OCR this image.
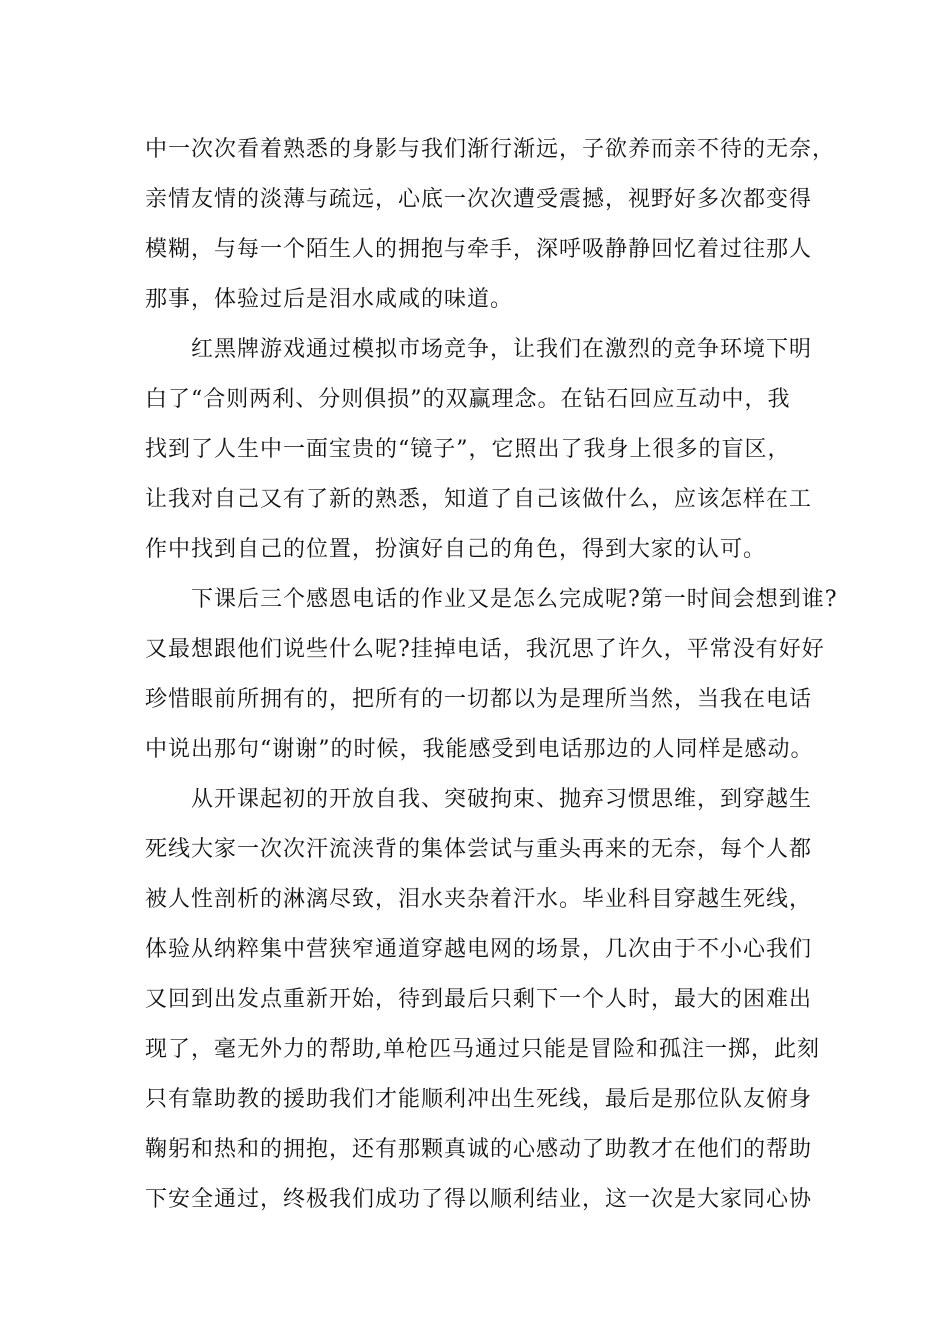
中一次次看着熟悉的身影与我们渐行渐远，子欲养而亲不待的无奈，
亲情友情的淡薄与疏远，心底一次次遭受震撼，视野好多次都变得
模糊，与每一个陌生人的拥抱与牵手，深呼吸静静回忆着过往那人
那事，体验过后是泪水咸咸的味道。
红黑牌游戏通过模拟市场竞争，让我们在激烈的竞争环境下明
白了“合则两利、分则俱损”的双赢理念。在钻石回应互动中，我
找到了人生中一面宝贵的“镜子”，它照出了我身上很多的盲区，
让我对自己又有了新的熟悉，知道了自己该做什么，应该怎样在工
作中找到自己的位置，扮演好自己的角色，得到大家的认可。
下课后三个感恩电话的作业又是怎么完成呢?第一时间会想到谁?
又最想跟他们说些什么呢?挂掉电话，我沉思了许久，平常没有好好
珍惜眼前所拥有的，把所有的一切都以为是理所当然，当我在电话
中说出那句“谢谢”的时候，我能感受到电话那边的人同样是感动。
从开课起初的开放自我、突破拘束、抛弃习惯思维，到穿越生
死线大家一次次汗流浃背的集体尝试与重头再来的无奈，每个人都
被人性剖析的淋漓尽致，泪水夹杂着汗水。毕业科目穿越生死线，
体验从纳粹集中营狭窄通道穿越电网的场景，几次由于不小心我们
又回到出发点重新开始，待到最后只剩下一个人时，最大的困难出
现了，毫无外力的帮助,单枪匹马通过只能是冒险和孤注一掷，此刻
只有靠助教的援助我们才能顺利冲出生死线，最后是那位队友俯身
鞠躬和热和的拥抱，还有那颗真诚的心感动了助教才在他们的帮助
下安全通过，终极我们成功了得以顺利结业，这一次是大家同心协
